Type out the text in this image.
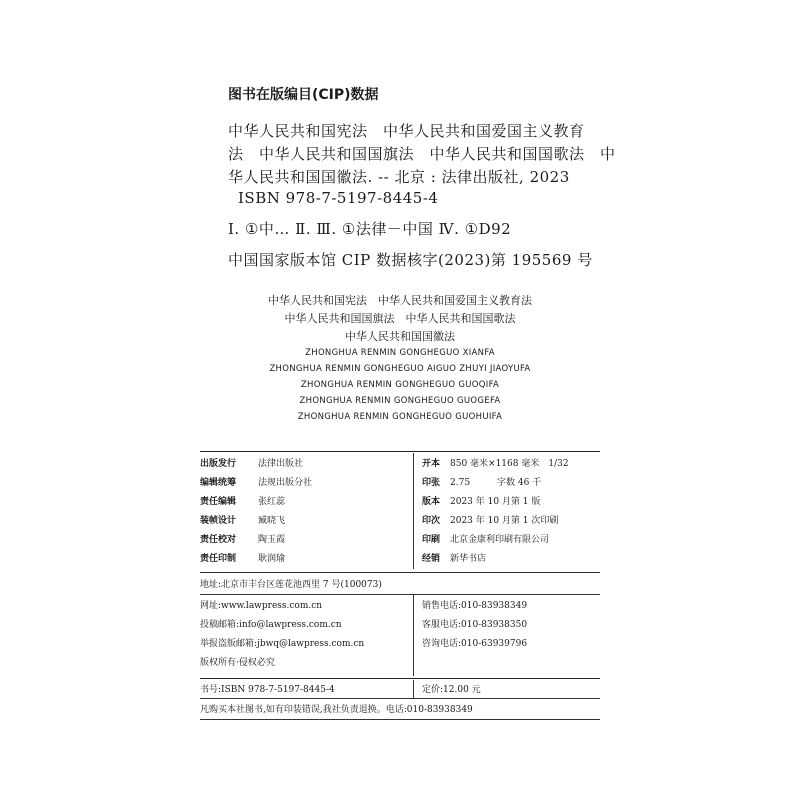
图书在版编目(CIP)数据
中华人民共和国宪法　中华人民共和国爱国主义教育
法　中华人民共和国国旗法　中华人民共和国国歌法　中
华人民共和国国徽法. -- 北京 : 法律出版社, 2023
ISBN 978-7-5197-8445-4
Ⅰ. ①中… Ⅱ. Ⅲ. ①法律－中国 Ⅳ. ①D92
中国国家版本馆 CIP 数据核字(2023)第 195569 号
中华人民共和国宪法　中华人民共和国爱国主义教育法
中华人民共和国国旗法　中华人民共和国国歌法
中华人民共和国国徽法
ZHONGHUA RENMIN GONGHEGUO XIANFA
ZHONGHUA RENMIN GONGHEGUO AIGUO ZHUYI JIAOYUFA
ZHONGHUA RENMIN GONGHEGUO GUOQIFA
ZHONGHUA RENMIN GONGHEGUO GUOGEFA
ZHONGHUA RENMIN GONGHEGUO GUOHUIFA
出版发行 法律出版社	开本 850 毫米×1168 毫米　1/32
编辑统筹 法规出版分社	印张 2.75　　　字数 46 千
责任编辑 张红蕊	版本 2023 年 10 月第 1 版
装帧设计 臧晓飞	印次 2023 年 10 月第 1 次印刷
责任校对 陶玉霞	印刷 北京金康利印刷有限公司
责任印制 耿润瑜	经销 新华书店
地址:北京市丰台区莲花池西里 7 号(100073)
网址:www.lawpress.com.cn	销售电话:010-83938349
投稿邮箱:info@lawpress.com.cn	客服电话:010-83938350
举报盗版邮箱:jbwq@lawpress.com.cn	咨询电话:010-63939796
版权所有·侵权必究
书号:ISBN 978-7-5197-8445-4	定价:12.00 元
凡购买本社图书,如有印装错误,我社负责退换。电话:010-83938349
